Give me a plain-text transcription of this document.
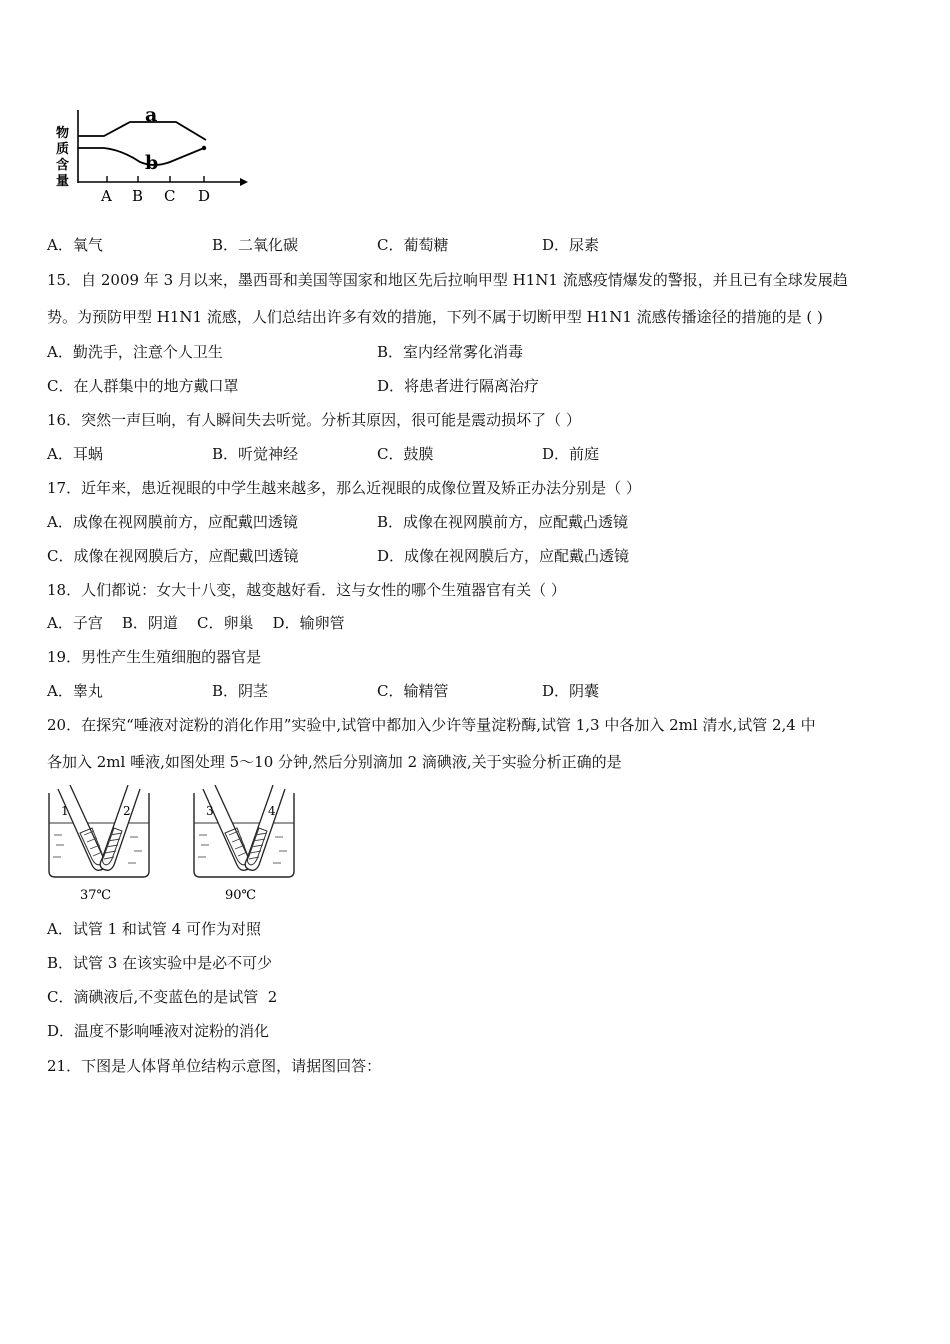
物
质
含
量
A B C D
a
b
A．氧气	B．二氧化碳	C．葡萄糖	D．尿素
15．自 2009 年 3 月以来，墨西哥和美国等国家和地区先后拉响甲型 H1N1 流感疫情爆发的警报，并且已有全球发展趋
势。为预防甲型 H1N1 流感，人们总结出许多有效的措施，下列不属于切断甲型 H1N1 流感传播途径的措施的是 ( )
A．勤洗手，注意个人卫生	B．室内经常雾化消毒
C．在人群集中的地方戴口罩	D．将患者进行隔离治疗
16．突然一声巨响，有人瞬间失去听觉。分析其原因，很可能是震动损坏了（ ）
A．耳蜗	B．听觉神经	C．鼓膜	D．前庭
17．近年来，患近视眼的中学生越来越多，那么近视眼的成像位置及矫正办法分别是（ ）
A．成像在视网膜前方，应配戴凹透镜	B．成像在视网膜前方，应配戴凸透镜
C．成像在视网膜后方，应配戴凹透镜	D．成像在视网膜后方，应配戴凸透镜
18．人们都说：女大十八变，越变越好看．这与女性的哪个生殖器官有关（ ）
A．子宫    B．阴道    C．卵巢    D．输卵管
19．男性产生生殖细胞的器官是
A．睾丸	B．阴茎	C．输精管	D．阴囊
20．在探究“唾液对淀粉的消化作用”实验中,试管中都加入少许等量淀粉酶,试管 1,3 中各加入 2ml 清水,试管 2,4 中
各加入 2ml 唾液,如图处理 5～10 分钟,然后分别滴加 2 滴碘液,关于实验分析正确的是
1	2
37℃
3	4
90℃
A．试管 1 和试管 4 可作为对照
B．试管 3 在该实验中是必不可少
C．滴碘液后,不变蓝色的是试管  2
D．温度不影响唾液对淀粉的消化
21．下图是人体肾单位结构示意图，请据图回答：
